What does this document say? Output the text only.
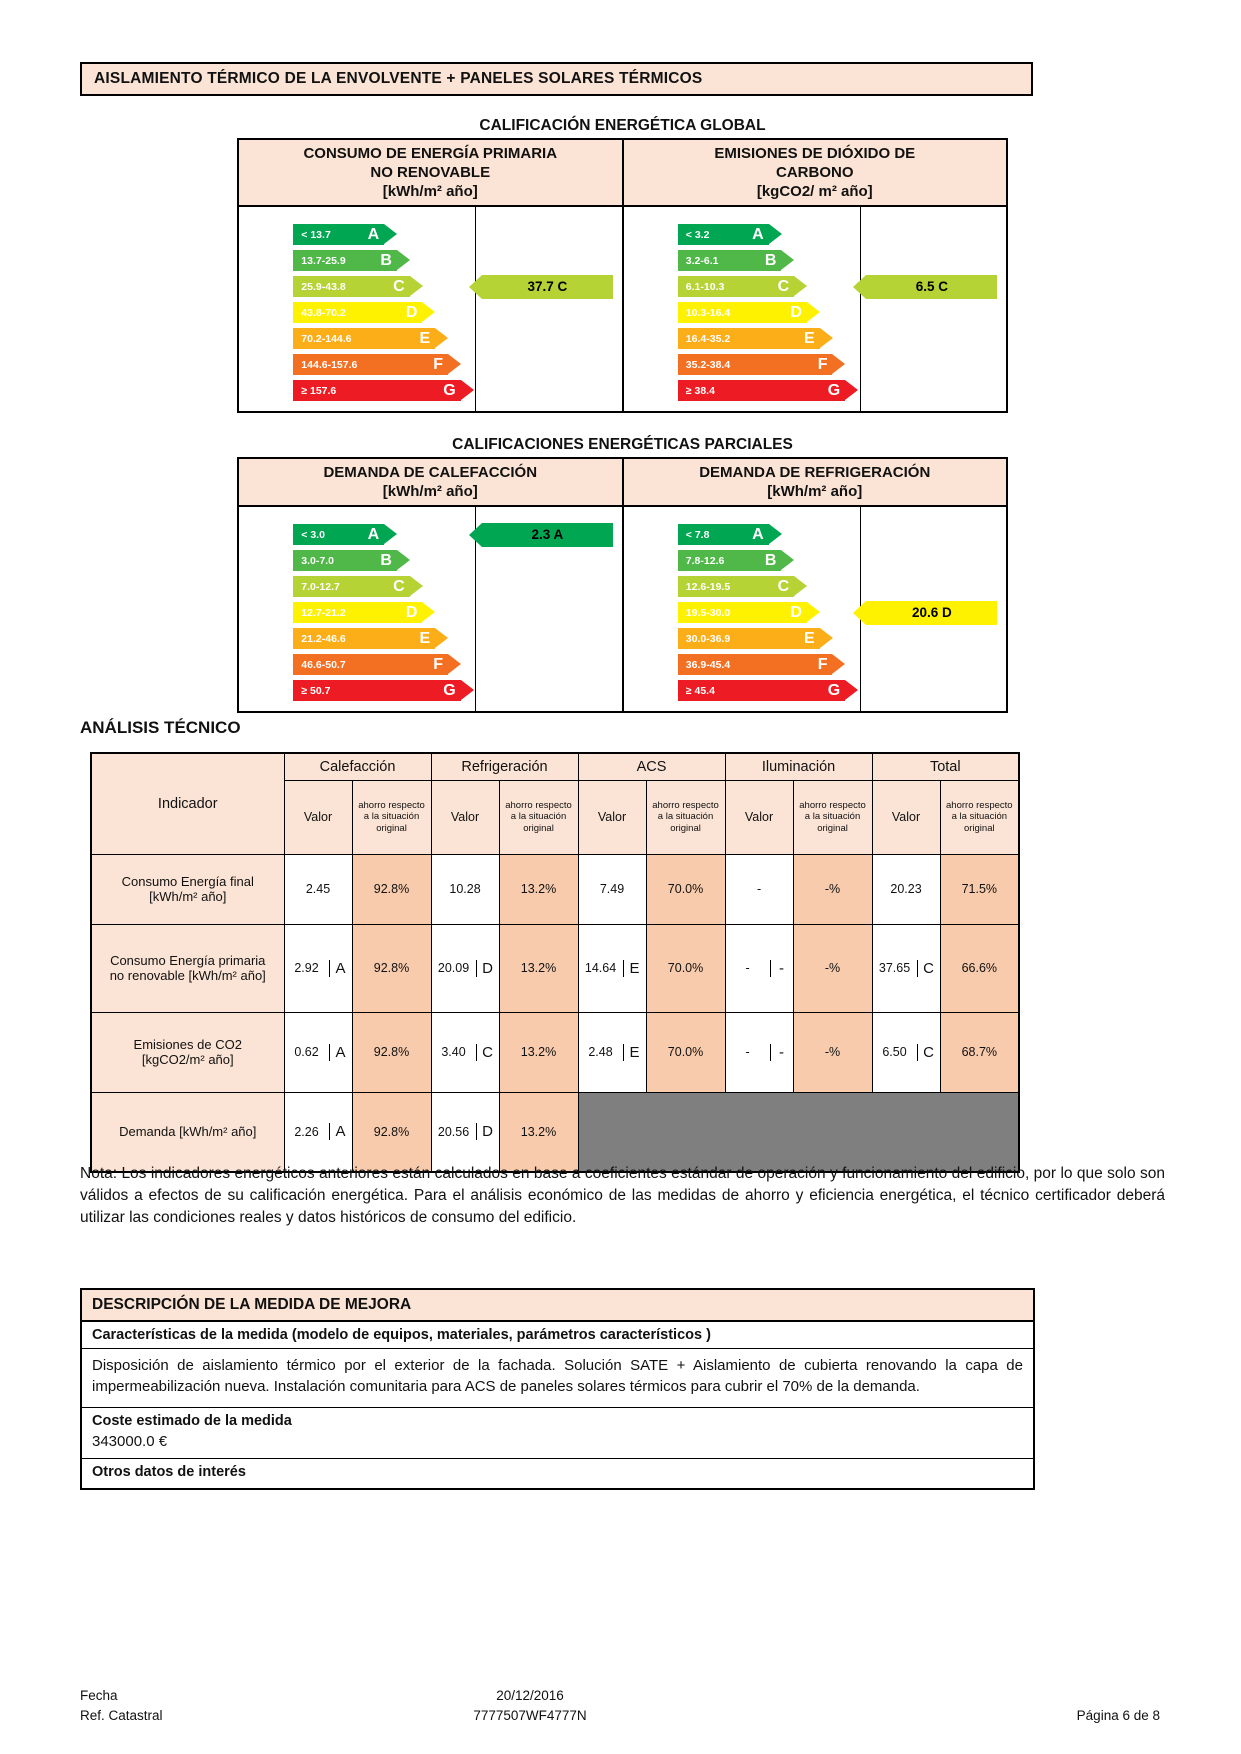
AISLAMIENTO TÉRMICO DE LA ENVOLVENTE + PANELES SOLARES TÉRMICOS
CALIFICACIÓN ENERGÉTICA GLOBAL
CONSUMO DE ENERGÍA PRIMARIA NO RENOVABLE
[kWh/m² año]
EMISIONES DE DIÓXIDO DE CARBONO
[kgCO2/ m² año]
< 13.7	A
13.7-25.9	B
25.9-43.8	C
43.8-70.2	D
70.2-144.6	E
144.6-157.6	F
≥ 157.6	G
37.7 C
< 3.2	A
3.2-6.1	B
6.1-10.3	C
10.3-16.4	D
16.4-35.2	E
35.2-38.4	F
≥ 38.4	G
6.5 C
CALIFICACIONES ENERGÉTICAS PARCIALES
DEMANDA DE CALEFACCIÓN
[kWh/m² año]
DEMANDA DE REFRIGERACIÓN
[kWh/m² año]
< 3.0	A
3.0-7.0	B
7.0-12.7	C
12.7-21.2	D
21.2-46.6	E
46.6-50.7	F
≥ 50.7	G
2.3 A	< 7.8	A
7.8-12.6	B
12.6-19.5	C
19.5-30.0	D
30.0-36.9	E
36.9-45.4	F
≥ 45.4	G
20.6 D
ANÁLISIS TÉCNICO
Indicador	Calefacción		Refrigeración		ACS		Iluminación		Total	
	Valor	ahorro respecto a la situación original	Valor	ahorro respecto a la situación original	Valor	ahorro respecto a la situación original	Valor	ahorro respecto a la situación original	Valor	ahorro respecto a la situación original
Consumo Energía final [kWh/m² año]	2.45	92.8%	10.28	13.2%	7.49	70.0%	-	-%	20.23	71.5%
Consumo Energía primaria no renovable [kWh/m² año]	2.92 A	92.8%	20.09 D	13.2%	14.64 E	70.0%	- -	-%	37.65 C	66.6%
Emisiones de CO2 [kgCO2/m² año]	0.62 A	92.8%	3.40 C	13.2%	2.48 E	70.0%	- -	-%	6.50 C	68.7%
Demanda [kWh/m² año]	2.26 A	92.8%	20.56 D	13.2%						
Nota: Los indicadores energéticos anteriores están calculados en base a coeficientes estándar de operación y funcionamiento del edificio, por lo que solo son válidos a efectos de su calificación energética. Para el análisis económico de las medidas de ahorro y eficiencia energética, el técnico certificador deberá utilizar las condiciones reales y datos históricos de consumo del edificio.
DESCRIPCIÓN DE LA MEDIDA DE MEJORA
Características de la medida (modelo de equipos, materiales, parámetros característicos )
Disposición de aislamiento térmico por el exterior de la fachada. Solución SATE + Aislamiento de cubierta renovando la capa de impermeabilización nueva. Instalación comunitaria para ACS de paneles solares térmicos para cubrir el 70% de la demanda.
Coste estimado de la medida
343000.0 €
Otros datos de interés
Fecha	20/12/2016
Ref. Catastral	7777507WF4777N	Página 6 de 8
